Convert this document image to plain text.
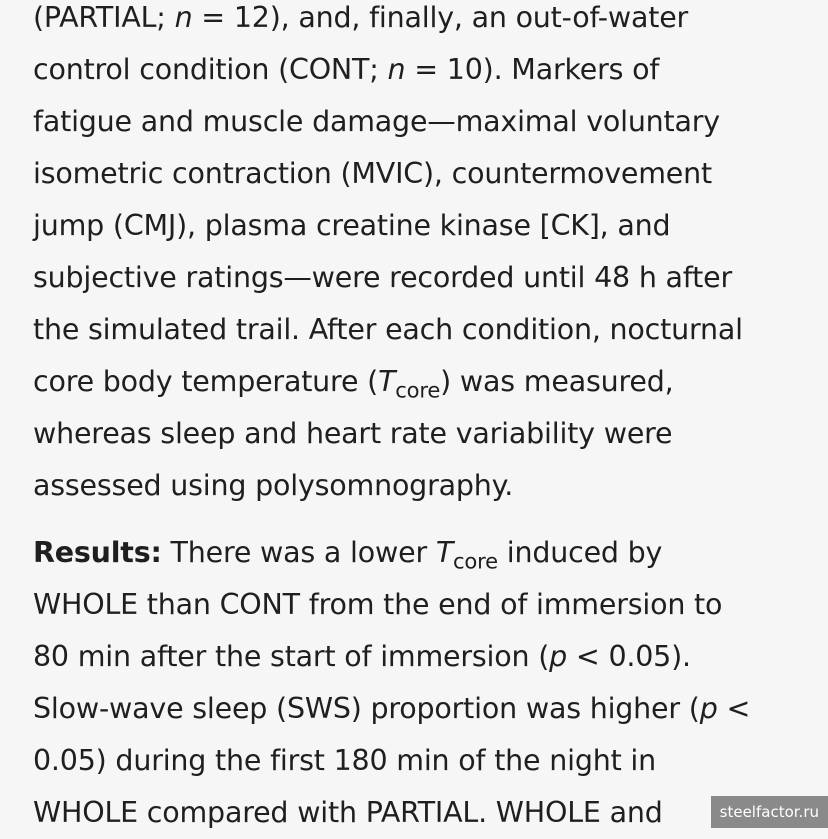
(PARTIAL; n = 12), and, finally, an out-of-water
control condition (CONT; n = 10). Markers of
fatigue and muscle damage—maximal voluntary
isometric contraction (MVIC), countermovement
jump (CMJ), plasma creatine kinase [CK], and
subjective ratings—were recorded until 48 h after
the simulated trail. After each condition, nocturnal
core body temperature $(T_{core})$ was measured,
whereas sleep and heart rate variability were
assessed using polysomnography.
Results: There was a lower $T_{core}$ induced by
WHOLE than CONT from the end of immersion to
80 min after the start of immersion (p < 0.05).
Slow-wave sleep (SWS) proportion was higher (p <
0.05) during the first 180 min of the night in
WHOLE compared with PARTIAL. WHOLE and	steelfactor.ru
